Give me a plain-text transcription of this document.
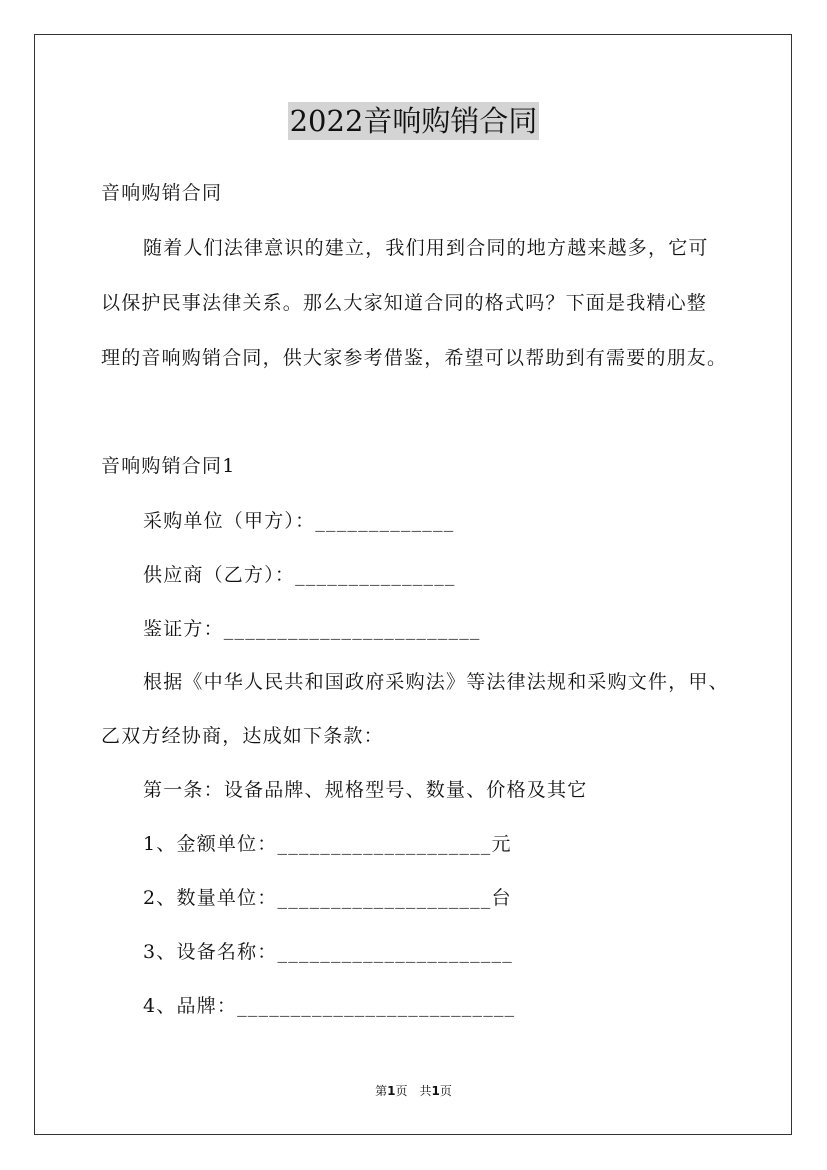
2022音响购销合同
音响购销合同
随着人们法律意识的建立，我们用到合同的地方越来越多，它可
以保护民事法律关系。那么大家知道合同的格式吗？下面是我精心整
理的音响购销合同，供大家参考借鉴，希望可以帮助到有需要的朋友。
音响购销合同1
采购单位（甲方）：_____________
供应商（乙方）：_______________
鉴证方：________________________
根据《中华人民共和国政府采购法》等法律法规和采购文件，甲、
乙双方经协商，达成如下条款：
第一条：设备品牌、规格型号、数量、价格及其它
1、金额单位：____________________元
2、数量单位：____________________台
3、设备名称：______________________
4、品牌：__________________________
第1页　共1页
